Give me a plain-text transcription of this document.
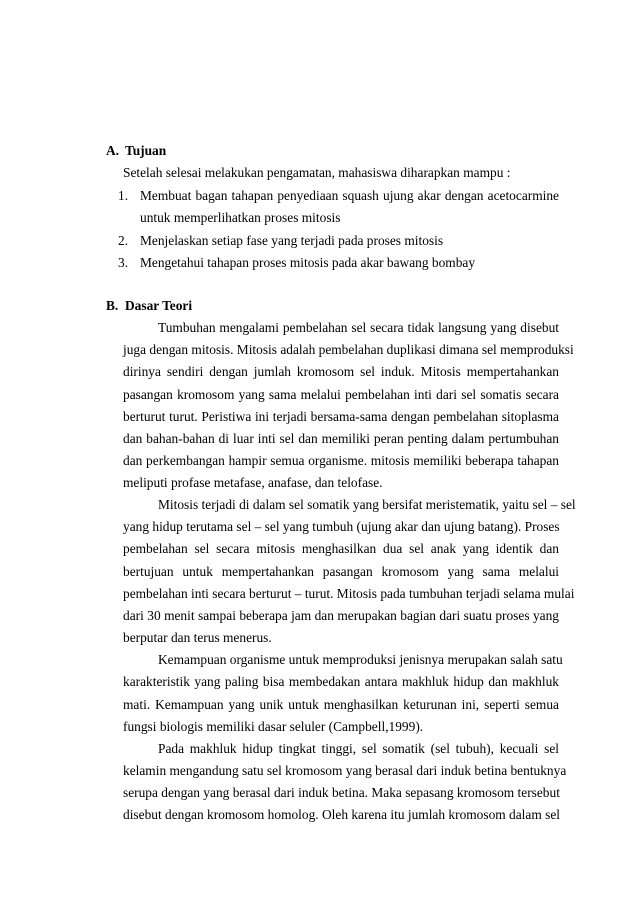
A. Tujuan
Setelah selesai melakukan pengamatan, mahasiswa diharapkan mampu :
1. Membuat bagan tahapan penyediaan squash ujung akar dengan acetocarmine
untuk memperlihatkan proses mitosis
2. Menjelaskan setiap fase yang terjadi pada proses mitosis
3. Mengetahui tahapan proses mitosis pada akar bawang bombay
B. Dasar Teori
Tumbuhan mengalami pembelahan sel secara tidak langsung yang disebut
juga dengan mitosis. Mitosis adalah pembelahan duplikasi dimana sel memproduksi
dirinya sendiri dengan jumlah kromosom sel induk. Mitosis mempertahankan
pasangan kromosom yang sama melalui pembelahan inti dari sel somatis secara
berturut turut. Peristiwa ini terjadi bersama-sama dengan pembelahan sitoplasma
dan bahan-bahan di luar inti sel dan memiliki peran penting dalam pertumbuhan
dan perkembangan hampir semua organisme. mitosis memiliki beberapa tahapan
meliputi profase metafase, anafase, dan telofase.
Mitosis terjadi di dalam sel somatik yang bersifat meristematik, yaitu sel – sel
yang hidup terutama sel – sel yang tumbuh (ujung akar dan ujung batang). Proses
pembelahan sel secara mitosis menghasilkan dua sel anak yang identik dan
bertujuan untuk mempertahankan pasangan kromosom yang sama melalui
pembelahan inti secara berturut – turut. Mitosis pada tumbuhan terjadi selama mulai
dari 30 menit sampai beberapa jam dan merupakan bagian dari suatu proses yang
berputar dan terus menerus.
Kemampuan organisme untuk memproduksi jenisnya merupakan salah satu
karakteristik yang paling bisa membedakan antara makhluk hidup dan makhluk
mati. Kemampuan yang unik untuk menghasilkan keturunan ini, seperti semua
fungsi biologis memiliki dasar seluler (Campbell,1999).
Pada makhluk hidup tingkat tinggi, sel somatik (sel tubuh), kecuali sel
kelamin mengandung satu sel kromosom yang berasal dari induk betina bentuknya
serupa dengan yang berasal dari induk betina. Maka sepasang kromosom tersebut
disebut dengan kromosom homolog. Oleh karena itu jumlah kromosom dalam sel
